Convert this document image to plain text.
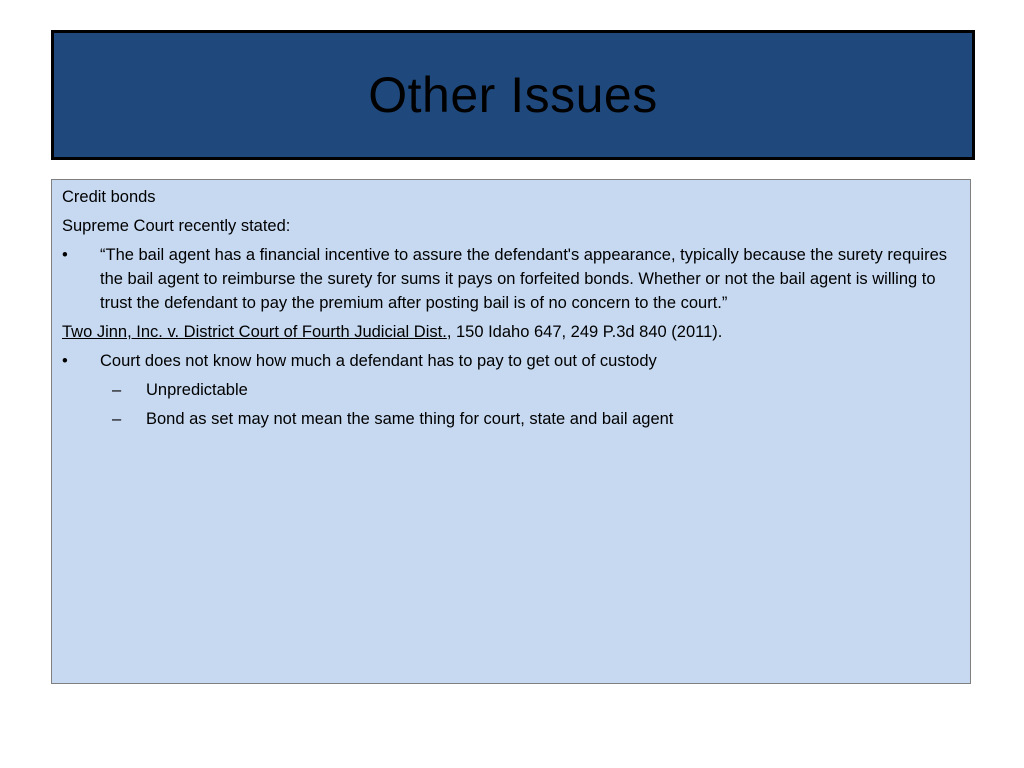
Other Issues
Credit bonds
Supreme Court recently stated:
•	“The bail agent has a financial incentive to assure the defendant's appearance, typically because the surety requires the bail agent to reimburse the surety for sums it pays on forfeited bonds. Whether or not the bail agent is willing to trust the defendant to pay the premium after posting bail is of no concern to the court.”
Two Jinn, Inc. v. District Court of Fourth Judicial Dist., 150 Idaho 647, 249 P.3d 840 (2011).
•	Court does not know how much a defendant has to pay to get out of custody
–	Unpredictable
–	Bond as set may not mean the same thing for court, state and bail agent
